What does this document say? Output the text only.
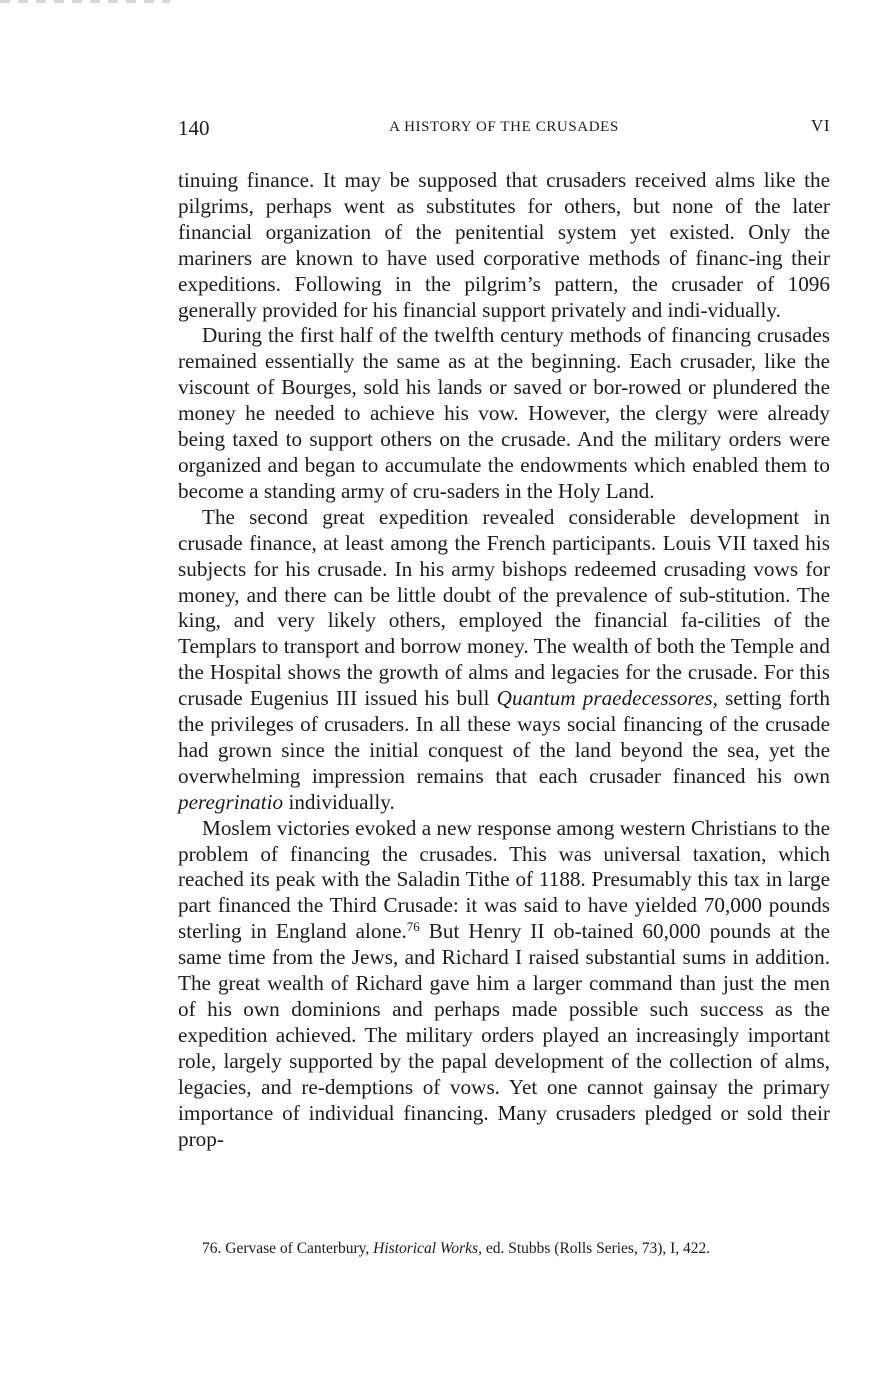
140	A HISTORY OF THE CRUSADES	VI

tinuing finance. It may be supposed that crusaders received alms like the pilgrims, perhaps went as substitutes for others, but none of the later financial organization of the penitential system yet existed. Only the mariners are known to have used corporative methods of financ-ing their expeditions. Following in the pilgrim’s pattern, the crusader of 1096 generally provided for his financial support privately and indi-vidually.

During the first half of the twelfth century methods of financing crusades remained essentially the same as at the beginning. Each crusader, like the viscount of Bourges, sold his lands or saved or bor-rowed or plundered the money he needed to achieve his vow. However, the clergy were already being taxed to support others on the crusade. And the military orders were organized and began to accumulate the endowments which enabled them to become a standing army of cru-saders in the Holy Land.

The second great expedition revealed considerable development in crusade finance, at least among the French participants. Louis VII taxed his subjects for his crusade. In his army bishops redeemed crusading vows for money, and there can be little doubt of the prevalence of sub-stitution. The king, and very likely others, employed the financial fa-cilities of the Templars to transport and borrow money. The wealth of both the Temple and the Hospital shows the growth of alms and legacies for the crusade. For this crusade Eugenius III issued his bull Quantum praedecessores, setting forth the privileges of crusaders. In all these ways social financing of the crusade had grown since the initial conquest of the land beyond the sea, yet the overwhelming impression remains that each crusader financed his own peregrinatio individually.

Moslem victories evoked a new response among western Christians to the problem of financing the crusades. This was universal taxation, which reached its peak with the Saladin Tithe of 1188. Presumably this tax in large part financed the Third Crusade: it was said to have yielded 70,000 pounds sterling in England alone.$^{76}$ But Henry II ob-tained 60,000 pounds at the same time from the Jews, and Richard I raised substantial sums in addition. The great wealth of Richard gave him a larger command than just the men of his own dominions and perhaps made possible such success as the expedition achieved. The military orders played an increasingly important role, largely supported by the papal development of the collection of alms, legacies, and re-demptions of vows. Yet one cannot gainsay the primary importance of individual financing. Many crusaders pledged or sold their prop-

76. Gervase of Canterbury, Historical Works, ed. Stubbs (Rolls Series, 73), I, 422.
